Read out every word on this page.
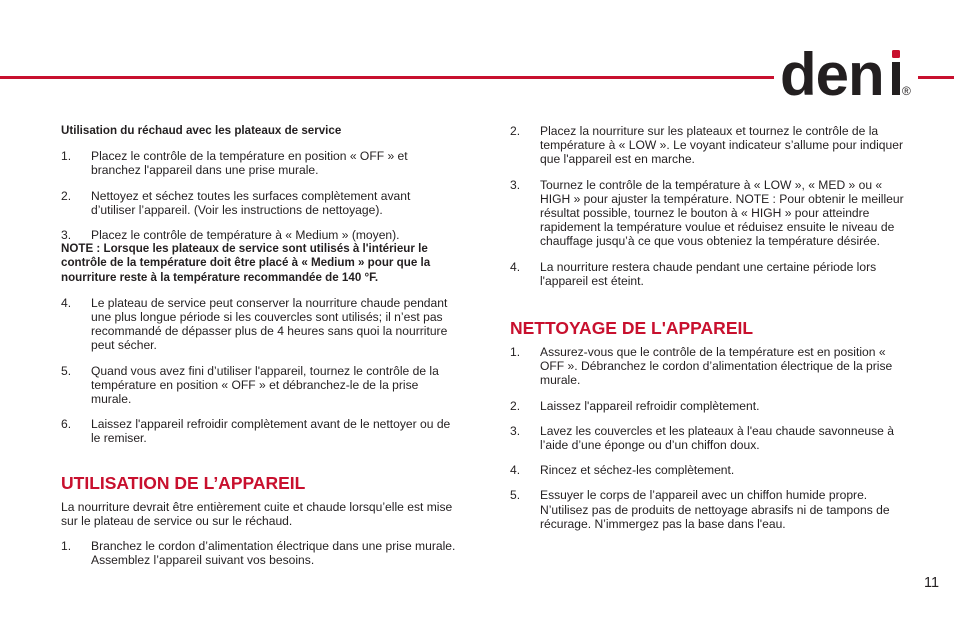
den ®
Utilisation du réchaud avec les plateaux de service
1. Placez le contrôle de la température en position « OFF » et branchez l'appareil dans une prise murale.
2. Nettoyez et séchez toutes les surfaces complètement avant d’utiliser l’appareil. (Voir les instructions de nettoyage).
3. Placez le contrôle de température à « Medium » (moyen).
NOTE : Lorsque les plateaux de service sont utilisés à l'intérieur le contrôle de la température doit être placé à « Medium » pour que la nourriture reste à la température recommandée de 140 °F.
4. Le plateau de service peut conserver la nourriture chaude pendant une plus longue période si les couvercles sont utilisés; il n’est pas recommandé de dépasser plus de 4 heures sans quoi la nourriture peut sécher.
5. Quand vous avez fini d’utiliser l'appareil, tournez le contrôle de la température en position « OFF » et débranchez-le de la prise murale.
6. Laissez l'appareil refroidir complètement avant de le nettoyer ou de le remiser.
UTILISATION DE L’APPAREIL
La nourriture devrait être entièrement cuite et chaude lorsqu’elle est mise sur le plateau de service ou sur le réchaud.
1. Branchez le cordon d’alimentation électrique dans une prise murale. Assemblez l’appareil suivant vos besoins.
2. Placez la nourriture sur les plateaux et tournez le contrôle de la température à « LOW ». Le voyant indicateur s’allume pour indiquer que l'appareil est en marche.
3. Tournez le contrôle de la température à « LOW », « MED » ou « HIGH » pour ajuster la température. NOTE : Pour obtenir le meilleur résultat possible, tournez le bouton à « HIGH » pour atteindre rapidement la température voulue et réduisez ensuite le niveau de chauffage jusqu’à ce que vous obteniez la température désirée.
4. La nourriture restera chaude pendant une certaine période lors l'appareil est éteint.
NETTOYAGE DE L'APPAREIL
1. Assurez-vous que le contrôle de la température est en position « OFF ». Débranchez le cordon d’alimentation électrique de la prise murale.
2. Laissez l'appareil refroidir complètement.
3. Lavez les couvercles et les plateaux à l'eau chaude savonneuse à l’aide d’une éponge ou d’un chiffon doux.
4. Rincez et séchez-les complètement.
5. Essuyer le corps de l’appareil avec un chiffon humide propre. N’utilisez pas de produits de nettoyage abrasifs ni de tampons de récurage. N’immergez pas la base dans l'eau.
11
